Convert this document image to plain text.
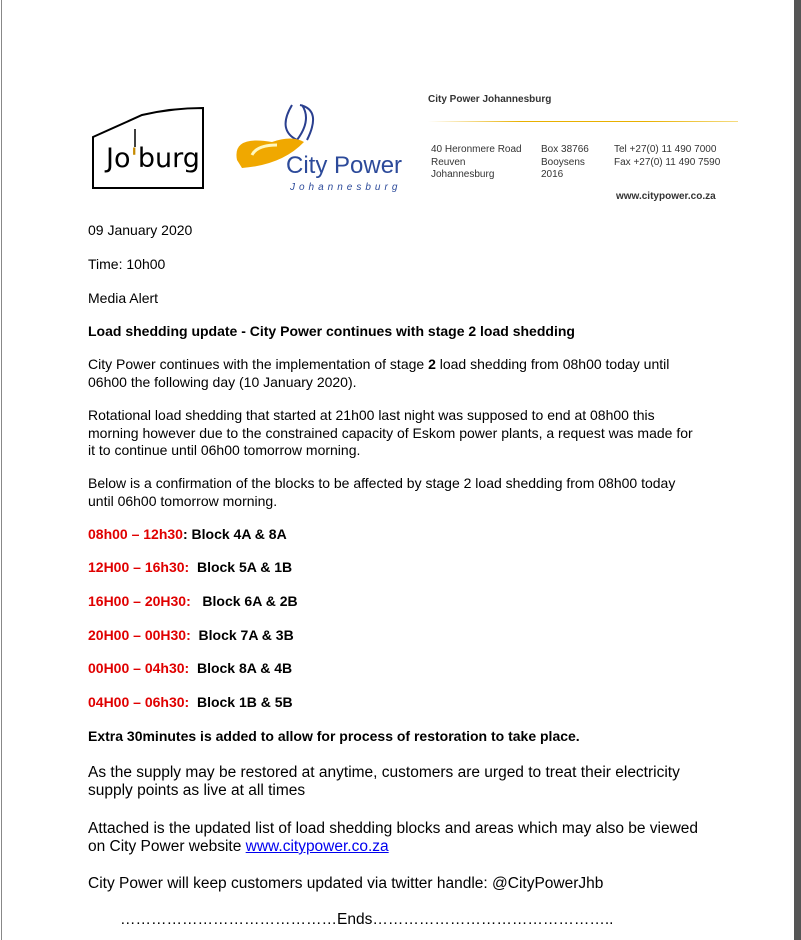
Jo'burg	City Power
Johannesburg
City Power Johannesburg
40 Heronmere Road
Reuven
Johannesburg
Box 38766
Booysens
2016
Tel +27(0) 11 490 7000
Fax +27(0) 11 490 7590
www.citypower.co.za
09 January 2020
Time: 10h00
Media Alert
Load shedding update - City Power continues with stage 2 load shedding
City Power continues with the implementation of stage 2 load shedding from 08h00 today until
06h00 the following day (10 January 2020).
Rotational load shedding that started at 21h00 last night was supposed to end at 08h00 this
morning however due to the constrained capacity of Eskom power plants, a request was made for
it to continue until 06h00 tomorrow morning.
Below is a confirmation of the blocks to be affected by stage 2 load shedding from 08h00 today
until 06h00 tomorrow morning.
08h00 – 12h30: Block 4A & 8A
12H00 – 16h30:  Block 5A & 1B
16H00 – 20H30:   Block 6A & 2B
20H00 – 00H30:  Block 7A & 3B
00H00 – 04h30:  Block 8A & 4B
04H00 – 06h30:  Block 1B & 5B
Extra 30minutes is added to allow for process of restoration to take place.
As the supply may be restored at anytime, customers are urged to treat their electricity
supply points as live at all times
Attached is the updated list of load shedding blocks and areas which may also be viewed
on City Power website www.citypower.co.za
City Power will keep customers updated via twitter handle: @CityPowerJhb
……………………………………Ends………………………………………..
